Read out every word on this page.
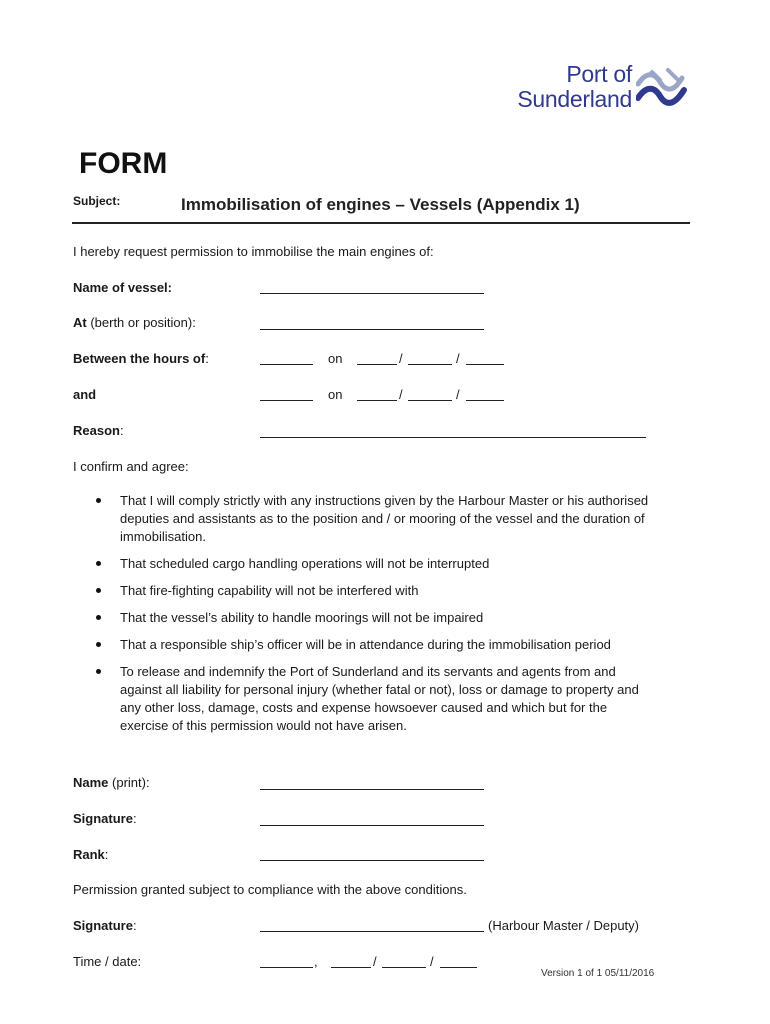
Port of
Sunderland
FORM
Subject:	Immobilisation of engines – Vessels (Appendix 1)
I hereby request permission to immobilise the main engines of:
Name of vessel:
At (berth or position):
Between the hours of:	on	/	/
and	on	/	/
Reason:
I confirm and agree:
That I will comply strictly with any instructions given by the Harbour Master or his authorised deputies and assistants as to the position and / or mooring of the vessel and the duration of immobilisation.
That scheduled cargo handling operations will not be interrupted
That fire-fighting capability will not be interfered with
That the vessel’s ability to handle moorings will not be impaired
That a responsible ship’s officer will be in attendance during the immobilisation period
To release and indemnify the Port of Sunderland and its servants and agents from and against all liability for personal injury (whether fatal or not), loss or damage to property and any other loss, damage, costs and expense howsoever caused and which but for the exercise of this permission would not have arisen.
Name (print):
Signature:
Rank:
Permission granted subject to compliance with the above conditions.
Signature:	(Harbour Master / Deputy)
Time / date:	,	/	/
Version 1 of 1 05/11/2016
